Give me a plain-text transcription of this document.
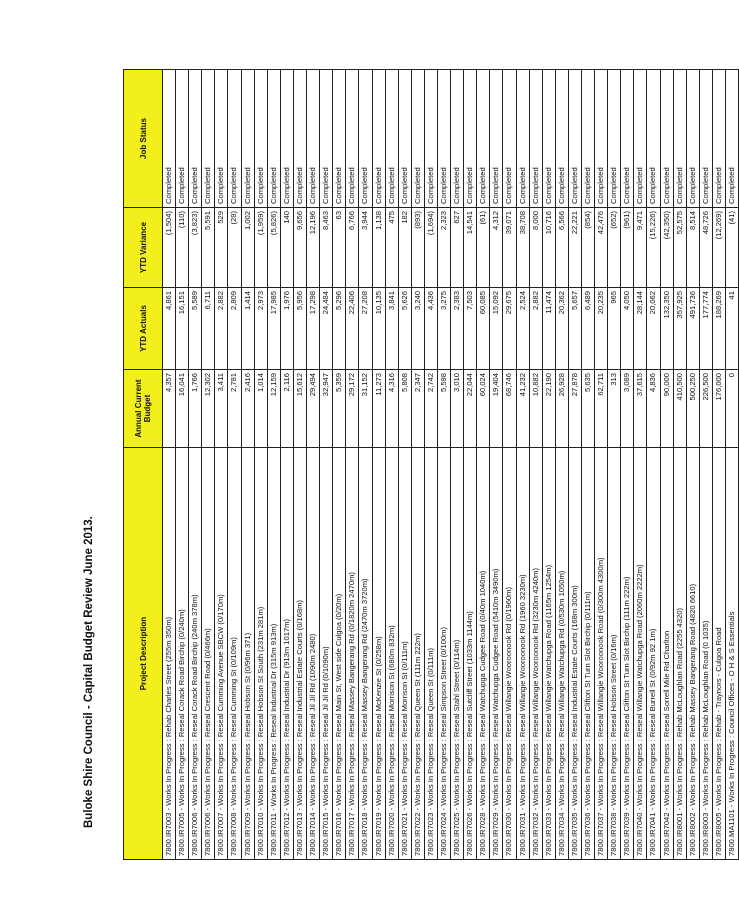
Buloke Shire Council - Capital Budget Review June 2013.	Project Description	Annual Current Budget	YTD Actuals	YTD Variance	Job Status
7800.IR7003 - Works In Progress : Rehab Charles Street (255m 350m)	4,357	4,861	(1,504)	Completed
7800.IR7005 - Works In Progress : Reseal Corack Road Birchip (0/240m)	16,041	16,151	(110)	Completed
7800.IR7006 - Works In Progress : Reseal Corack Road Birchip (240m 378m)	1,766	5,589	(3,823)	Completed
7800.IR7006 - Works In Progress : Reseal Crescent Road (0/466m)	12,302	6,711	5,591	Completed
7800.IR7007 - Works In Progress : Reseal Cumming Avenue SBCW (0/170m)	3,411	2,882	529	Completed
7800.IR7008 - Works In Progress : Reseal Cumming St (0/109m)	2,781	2,809	(28)	Completed
7800.IR7009 - Works In Progress : Reseal Hobson St (0/96m 371)	2,416	1,414	1,002	Completed
7800.IR7010 - Works In Progress : Reseal Hobson St South (231m 281m)	1,014	2,973	(1,959)	Completed
7800.IR7011 - Works In Progress : Reseal Industrial Dr (315m 913m)	12,159	17,985	(5,826)	Completed
7800.IR7012 - Works In Progress : Reseal Industrial Dr (913m 1017m)	2,116	1,976	140	Completed
7800.IR7013 - Works In Progress : Reseal Industrial Estate Courts (0/168m)	15,612	5,956	9,656	Completed
7800.IR7014 - Works In Progress : Reseal Jil Jil Rd (1090m 2480)	29,494	17,298	12,196	Completed
7800.IR7015 - Works In Progress : Reseal Jil Jil Rd (0/1090m)	32,947	24,484	8,463	Completed
7800.IR7016 - Works In Progress : Reseal Main St, West side Culgoa (0/20m)	5,359	5,296	63	Completed
7800.IR7017 - Works In Progress : Reseal Massey Bangerang Rd (0/1820m 2470m)	29,172	22,406	6,766	Completed
7800.IR7018 - Works In Progress : Reseal Massey Bangerang Rd (2470m 3720m)	31,152	27,208	3,944	Completed
7800.IR7019 - Works In Progress : Reseal McKenzie St (0/258m)	11,273	10,135	1,138	Completed
7800.IR7020 - Works In Progress : Reseal Morrison St (680m 832m)	4,316	3,841	475	Completed
7800.IR7021 - Works In Progress : Reseal Morrison St (0/111m)	5,808	5,626	182	Completed
7800.IR7022 - Works In Progress : Reseal Queen St (111m 222m)	2,347	3,240	(893)	Completed
7800.IR7023 - Works In Progress : Reseal Queen St (0/111m)	2,742	4,436	(1,694)	Completed
7800.IR7024 - Works In Progress : Reseal Simpson Street (0/100m)	5,598	3,275	2,323	Completed
7800.IR7025 - Works In Progress : Reseal Stahl Street (0/114m)	3,010	2,383	627	Completed
7800.IR7026 - Works In Progress : Reseal Sutcliff Street (1033m 1144m)	22,044	7,503	14,541	Completed
7800.IR7028 - Works In Progress : Reseal Watchupga Cudgee Road (0/40m 1040m)	60,024	60,085	(61)	Completed
7800.IR7029 - Works In Progress : Reseal Watchupga Cudgee Road (5410m 3490m)	19,404	15,092	4,312	Completed
7800.IR7030 - Works In Progress : Reseal Willangie Wooroonook Rd (0/1960m)	68,746	29,675	39,071	Completed
7800.IR7031 - Works In Progress : Reseal Willangie Wooroonook Rd (1960 3230m)	41,232	2,524	38,708	Completed
7800.IR7032 - Works In Progress : Reseal Willangie Wooroonook Rd (3230m 4240m)	10,882	2,882	8,000	Completed
7800.IR7033 - Works In Progress : Reseal Willangie Watchupga Road (1165m 1254m)	22,190	11,474	10,716	Completed
7800.IR7034 - Works In Progress : Reseal Willangie Watchupga Rd (0/530m 1050m)	26,928	20,362	6,566	Completed
7800.IR7035 - Works In Progress : Reseal Industrial Estate Courts (168m 300m)	27,878	5,657	22,221	Completed
7800.IR7036 - Works In Progress : Reseal Clifton St Turn Slot Birchip (0/111m)	5,635	6,489	(854)	Completed
7800.IR7037 - Works In Progress : Reseal Willangie Wooroonook Road (0/300m 4300m)	62,711	20,235	42,476	Completed
7800.IR7038 - Works In Progress : Reseal Hobson Street (0/16m)	313	965	(652)	Completed
7800.IR7039 - Works In Progress : Reseal Clifton St Turn Slot Birchip (111m 222m)	3,089	4,050	(961)	Completed
7800.IR7040 - Works In Progress : Reseal Willangie Watchupga Road (2060m 2222m)	37,615	28,144	9,471	Completed
7800.IR7041 - Works In Progress : Reseal Burrell St (0/92m 92.1m)	4,836	20,062	(15,226)	Completed
7800.IR7042 - Works In Progress : Reseal Sorrell Mile Rd Charlton	90,000	132,350	(42,350)	Completed
7800.IR8001 - Works In Progress : Rehab McLoughlan Road (2255 4320)	410,500	357,925	52,575	Completed
7800.IR8002 - Works In Progress : Rehab Massey Bangerang Road (4820 6610)	500,250	491,736	8,514	Completed
7800.IR8003 - Works In Progress : Rehab McLoughlan Road (0 1035)	226,500	177,774	48,726	Completed
7800.IR8005 - Works In Progress : Rehab - Traynors - Culgoa Road	176,000	188,269	(12,269)	Completed
7800.MA1101 - Works In Progress : Council Offices - O H & S Essentials	0	41	(41)	Completed
